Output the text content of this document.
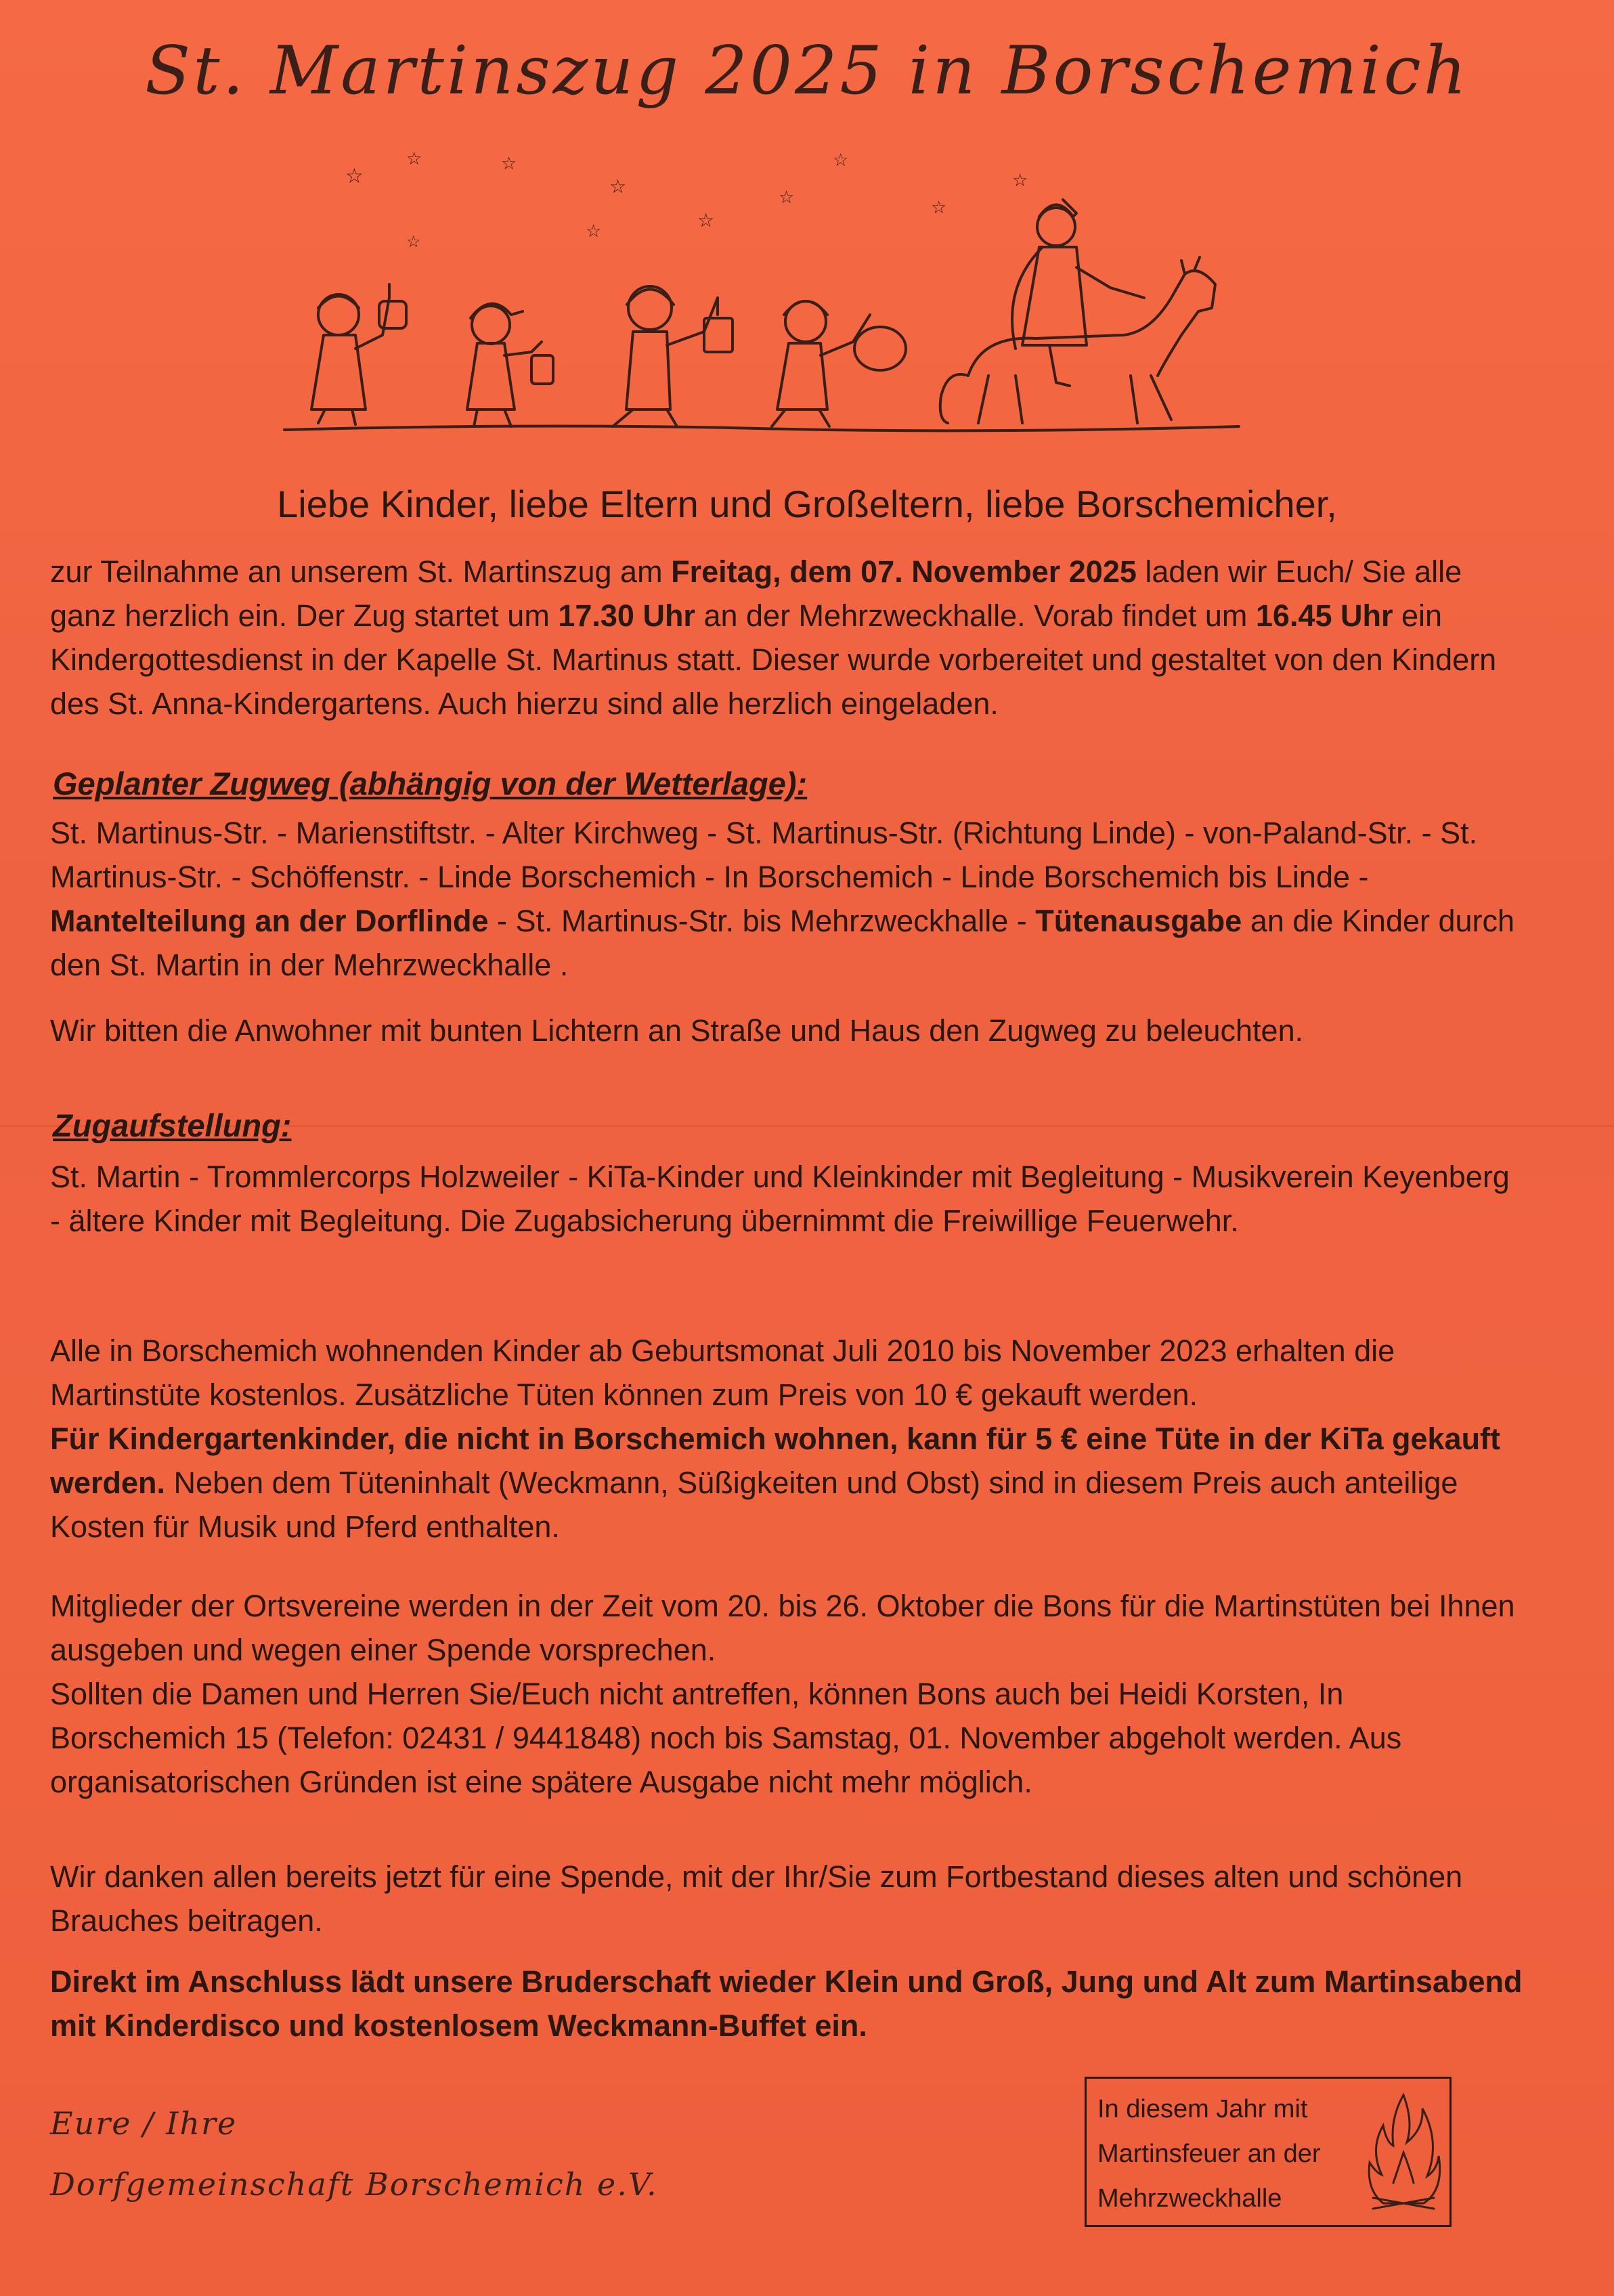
St. Martinszug 2025 in Borschemich
☆
☆	☆
☆
☆
☆	☆
☆
☆
☆
☆
Liebe Kinder, liebe Eltern und Großeltern, liebe Borschemicher,

zur Teilnahme an unserem St. Martinszug am Freitag, dem 07. November 2025 laden wir Euch/ Sie alle ganz herzlich ein. Der Zug startet um 17.30 Uhr an der Mehrzweckhalle. Vorab findet um 16.45 Uhr ein Kindergottesdienst in der Kapelle St. Martinus statt. Dieser wurde vorbereitet und gestaltet von den Kindern des St. Anna-Kindergartens. Auch hierzu sind alle herzlich eingeladen.

Geplanter Zugweg (abhängig von der Wetterlage):

St. Martinus-Str. - Marienstiftstr. - Alter Kirchweg - St. Martinus-Str. (Richtung Linde) - von-Paland-Str. - St. Martinus-Str. - Schöffenstr. - Linde Borschemich - In Borschemich - Linde Borschemich bis Linde - Mantelteilung an der Dorflinde - St. Martinus-Str. bis Mehrzweckhalle - Tütenausgabe an die Kinder durch den St. Martin in der Mehrzweckhalle .

Wir bitten die Anwohner mit bunten Lichtern an Straße und Haus den Zugweg zu beleuchten.

Zugaufstellung:

St. Martin - Trommlercorps Holzweiler - KiTa-Kinder und Kleinkinder mit Begleitung - Musikverein Keyenberg - ältere Kinder mit Begleitung. Die Zugabsicherung übernimmt die Freiwillige Feuerwehr.

Alle in Borschemich wohnenden Kinder ab Geburtsmonat Juli 2010 bis November 2023 erhalten die Martinstüte kostenlos. Zusätzliche Tüten können zum Preis von 10 € gekauft werden.
Für Kindergartenkinder, die nicht in Borschemich wohnen, kann für 5 € eine Tüte in der KiTa gekauft werden. Neben dem Tüteninhalt (Weckmann, Süßigkeiten und Obst) sind in diesem Preis auch anteilige Kosten für Musik und Pferd enthalten.

Mitglieder der Ortsvereine werden in der Zeit vom 20. bis 26. Oktober die Bons für die Martinstüten bei Ihnen ausgeben und wegen einer Spende vorsprechen.
Sollten die Damen und Herren Sie/Euch nicht antreffen, können Bons auch bei Heidi Korsten, In Borschemich 15 (Telefon: 02431 / 9441848) noch bis Samstag, 01. November abgeholt werden. Aus organisatorischen Gründen ist eine spätere Ausgabe nicht mehr möglich.

Wir danken allen bereits jetzt für eine Spende, mit der Ihr/Sie zum Fortbestand dieses alten und schönen Brauches beitragen.

Direkt im Anschluss lädt unsere Bruderschaft wieder Klein und Groß, Jung und Alt zum Martinsabend mit Kinderdisco und kostenlosem Weckmann-Buffet ein.

Eure / Ihre
Dorfgemeinschaft Borschemich e.V.
In diesem Jahr mit
Martinsfeuer an der
Mehrzweckhalle
